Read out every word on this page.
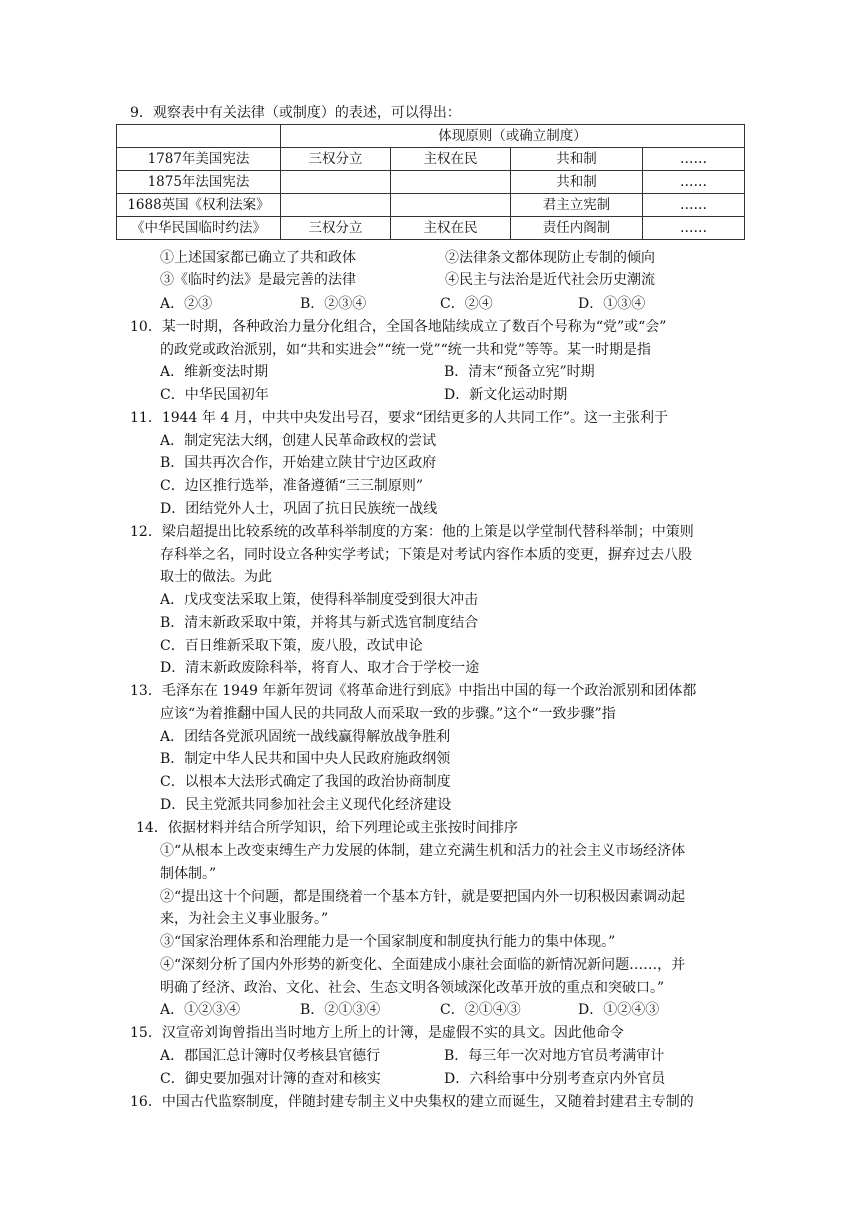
9．观察表中有关法律（或制度）的表述，可以得出：
	体现原则（或确立制度）			
1787年美国宪法	三权分立	主权在民	共和制	……
1875年法国宪法			共和制	……
1688英国《权利法案》			君主立宪制	……
《中华民国临时约法》	三权分立	主权在民	责任内阁制	……
①上述国家都已确立了共和政体	②法律条文都体现防止专制的倾向
③《临时约法》是最完善的法律	④民主与法治是近代社会历史潮流
A．②③	B．②③④	C．②④	D．①③④
10．某一时期，各种政治力量分化组合，全国各地陆续成立了数百个号称为“党”或“会”
的政党或政治派别，如“共和实进会”“统一党”“统一共和党”等等。某一时期是指
A．维新变法时期	B．清末“预备立宪”时期
C．中华民国初年	D．新文化运动时期
11．1944 年 4 月，中共中央发出号召，要求“团结更多的人共同工作”。这一主张利于
A．制定宪法大纲，创建人民革命政权的尝试
B．国共再次合作，开始建立陕甘宁边区政府
C．边区推行选举，准备遵循“三三制原则”
D．团结党外人士，巩固了抗日民族统一战线
12．梁启超提出比较系统的改革科举制度的方案：他的上策是以学堂制代替科举制；中策则
存科举之名，同时设立各种实学考试；下策是对考试内容作本质的变更，摒弃过去八股
取士的做法。为此
A．戊戌变法采取上策，使得科举制度受到很大冲击
B．清末新政采取中策，并将其与新式选官制度结合
C．百日维新采取下策，废八股，改试申论
D．清末新政废除科举，将育人、取才合于学校一途
13．毛泽东在 1949 年新年贺词《将革命进行到底》中指出中国的每一个政治派别和团体都
应该“为着推翻中国人民的共同敌人而采取一致的步骤。”这个“一致步骤”指
A．团结各党派巩固统一战线赢得解放战争胜利
B．制定中华人民共和国中央人民政府施政纲领
C．以根本大法形式确定了我国的政治协商制度
D．民主党派共同参加社会主义现代化经济建设
14．依据材料并结合所学知识，给下列理论或主张按时间排序
①“从根本上改变束缚生产力发展的体制，建立充满生机和活力的社会主义市场经济体
制体制。”
②“提出这十个问题，都是围绕着一个基本方针，就是要把国内外一切积极因素调动起
来，为社会主义事业服务。”
③“国家治理体系和治理能力是一个国家制度和制度执行能力的集中体现。”
④“深刻分析了国内外形势的新变化、全面建成小康社会面临的新情况新问题……，并
明确了经济、政治、文化、社会、生态文明各领域深化改革开放的重点和突破口。”
A．①②③④	B．②①③④	C．②①④③	D．①②④③
15．汉宣帝刘询曾指出当时地方上所上的计簿，是虚假不实的具文。因此他命令
A．郡国汇总计簿时仅考核县官德行	B．每三年一次对地方官员考满审计
C．御史要加强对计簿的查对和核实	D．六科给事中分别考查京内外官员
16．中国古代监察制度，伴随封建专制主义中央集权的建立而诞生，又随着封建君主专制的
